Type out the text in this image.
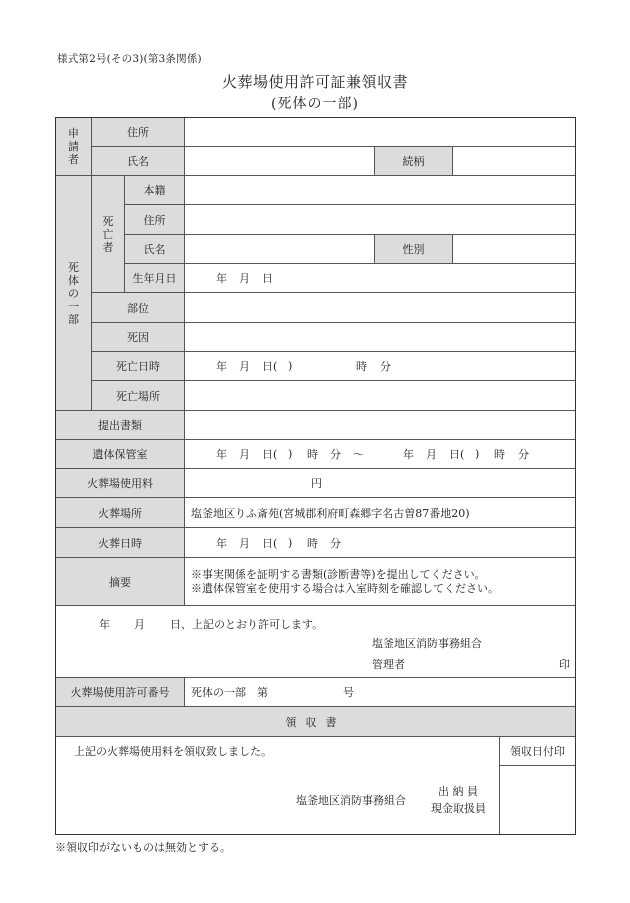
様式第2号(その3)(第3条関係)
火葬場使用許可証兼領収書
(死体の一部)
申
請
者
住所
氏名	続柄
死
体
の
一
部
死
亡
者
本籍
住所
氏名	性別
生年月日	年 月 日
部位
死因
死亡日時	年 月 日( )	時 分
死亡場所
提出書類
遺体保管室	年 月 日( ) 時 分 〜	年 月 日( ) 時 分
火葬場使用料	円
火葬場所	塩釜地区りふ斎苑(宮城郡利府町森郷字名古曽87番地20)
火葬日時	年 月 日( ) 時 分
摘要
※事実関係を証明する書類(診断書等)を提出してください。
※遺体保管室を使用する場合は入室時刻を確認してください。
年 月 日、上記のとおり許可します。
塩釜地区消防事務組合
管理者	印
火葬場使用許可番号	死体の一部　第	号
領収書
上記の火葬場使用料を領収致しました。
塩釜地区消防事務組合
出 納 員
現金取扱員
領収日付印
※領収印がないものは無効とする。
